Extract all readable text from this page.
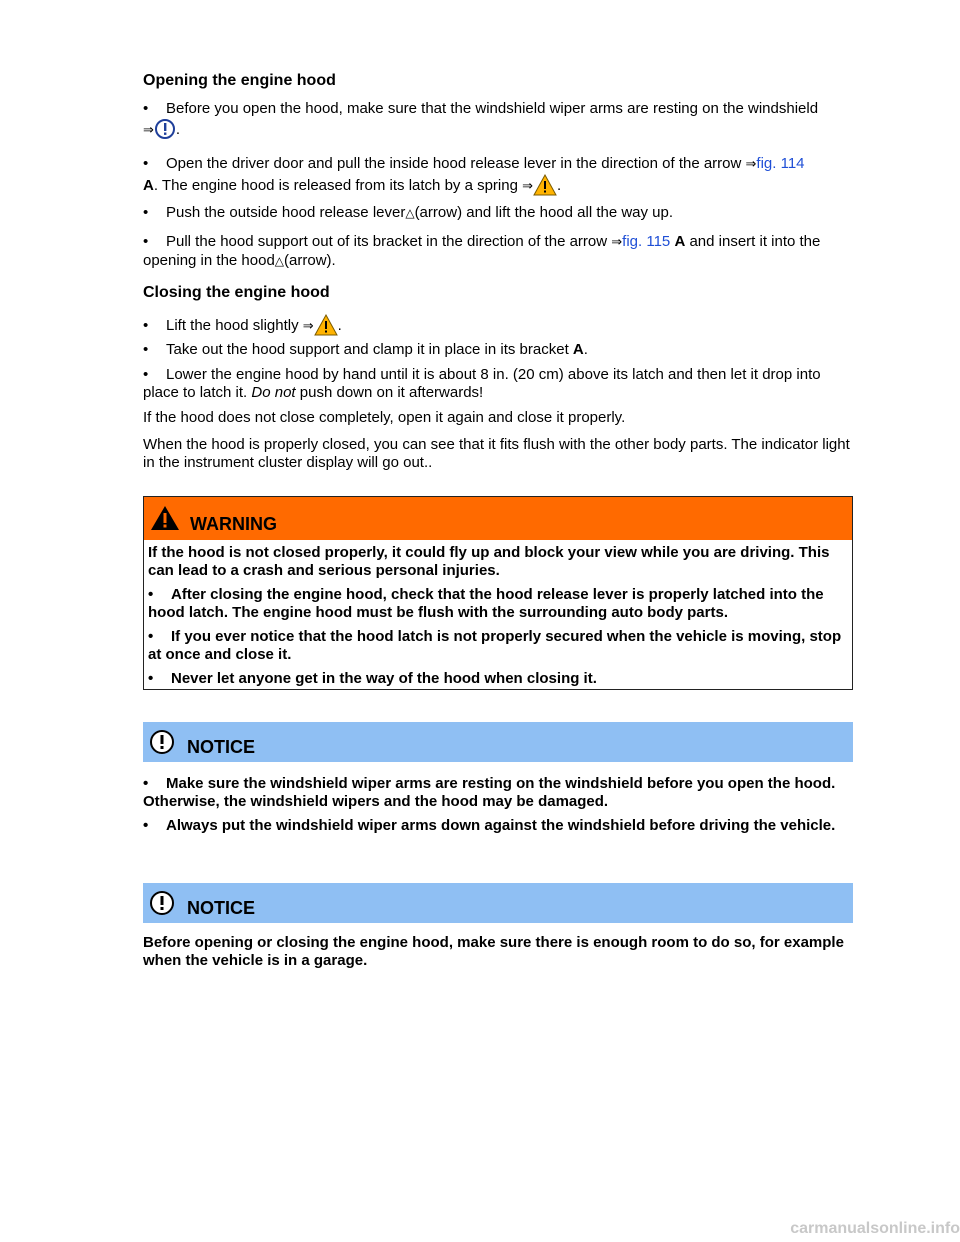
Opening the engine hood

• Before you open the hood, make sure that the windshield wiper arms are resting on the windshield
⇒ .

• Open the driver door and pull the inside hood release lever in the direction of the arrow ⇒fig. 114
A. The engine hood is released from its latch by a spring ⇒ .

• Push the outside hood release lever△(arrow) and lift the hood all the way up.

• Pull the hood support out of its bracket in the direction of the arrow ⇒fig. 115 A and insert it into the opening in the hood△(arrow).

Closing the engine hood

• Lift the hood slightly ⇒ .

• Take out the hood support and clamp it in place in its bracket A.

• Lower the engine hood by hand until it is about 8 in. (20 cm) above its latch and then let it drop into place to latch it. Do not push down on it afterwards!

If the hood does not close completely, open it again and close it properly.

When the hood is properly closed, you can see that it fits flush with the other body parts. The indicator light in the instrument cluster display will go out..

WARNING

If the hood is not closed properly, it could fly up and block your view while you are driving. This can lead to a crash and serious personal injuries.

• After closing the engine hood, check that the hood release lever is properly latched into the hood latch. The engine hood must be flush with the surrounding auto body parts.

• If you ever notice that the hood latch is not properly secured when the vehicle is moving, stop at once and close it.

• Never let anyone get in the way of the hood when closing it.

NOTICE

• Make sure the windshield wiper arms are resting on the windshield before you open the hood. Otherwise, the windshield wipers and the hood may be damaged.

• Always put the windshield wiper arms down against the windshield before driving the vehicle.

NOTICE

Before opening or closing the engine hood, make sure there is enough room to do so, for example when the vehicle is in a garage.

carmanualsonline.info
